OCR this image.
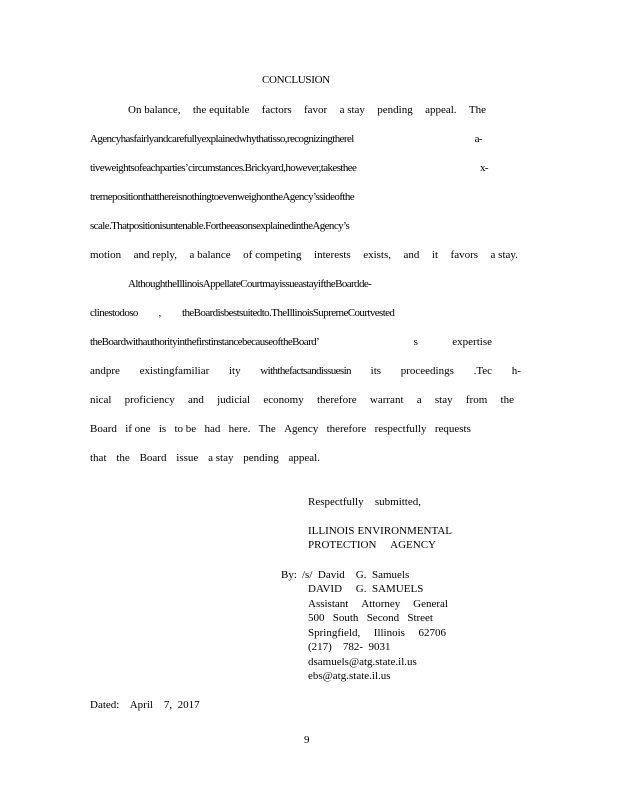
CONCLUSION
On balance, the equitable factors favor a stay pending appeal. The
Agencyhasfairlyandcarefullyexplainedwhythatisso,recognizingtherel	a-
tiveweightsofeachparties’circumstances.Brickyard,however,takesthee	x-
tremepositionthatthereisnothingtoevenweighontheAgency’ssideofthe
scale.Thatpositionisuntenable.FortheeasonsexplainedintheAgency’s
motion and reply, a balance of competing interests exists, and it favors a stay.
AlthoughtheIllinoisAppellateCourtmayissueastayiftheBoardde-
clinestodoso , theBoardisbestsuitedto.TheIllinoisSupremeCourtvested
theBoardwithauthorityinthefirstinstancebecauseoftheBoard’	s	expertise
andpre existingfamiliar ity withthefactsandissuesin its proceedings .Tec h-
nical proficiency and judicial economy therefore warrant a stay from the
Board if one is to be had here. The Agency therefore respectfully requests
that the Board issue a stay pending appeal.
Respectfully submitted,
ILLINOIS ENVIRONMENTAL
PROTECTION AGENCY
By: /s/  David    G.  Samuels
DAVID     G.  SAMUELS
Assistant Attorney General
500 South Second Street
Springfield, Illinois 62706
(217)    782-  9031
dsamuels@atg.state.il.us
ebs@atg.state.il.us
Dated:    April    7,  2017
9
